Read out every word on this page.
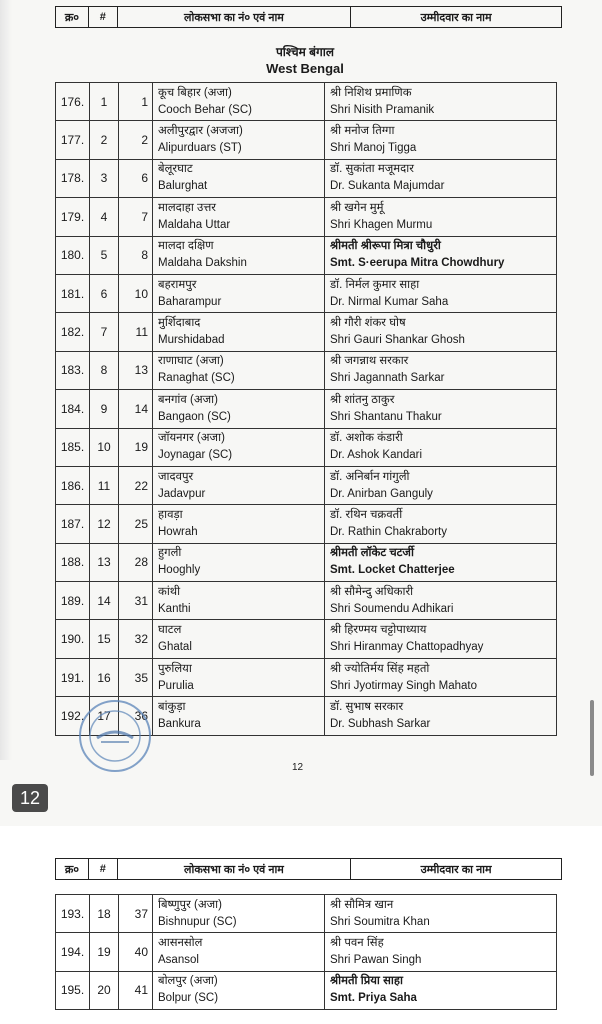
क्र०	#	लोकसभा का नं० एवं नाम	उम्मीदवार का नाम
पश्चिम बंगाल
West Bengal
176.	1	1	कूच बिहार (अजा)
Cooch Behar (SC)	श्री निशिथ प्रमाणिक
Shri Nisith Pramanik

177.	2	2	अलीपुरद्वार (अजजा)
Alipurduars (ST)	श्री मनोज तिग्गा
Shri Manoj Tigga

178.	3	6	बेलूरघाट
Balurghat	डॉ. सुकांता मजूमदार
Dr. Sukanta Majumdar

179.	4	7	मालदाहा उत्तर
Maldaha Uttar	श्री खगेन मुर्मू
Shri Khagen Murmu

180.	5	8	मालदा दक्षिण
Maldaha Dakshin	श्रीमती श्रीरूपा मित्रा चौधुरी
Smt. S·eerupa Mitra Chowdhury

181.	6	10	बहरामपुर
Baharampur	डॉ. निर्मल कुमार साहा
Dr. Nirmal Kumar Saha

182.	7	11	मुर्शिदाबाद
Murshidabad	श्री गौरी शंकर घोष
Shri Gauri Shankar Ghosh

183.	8	13	राणाघाट (अजा)
Ranaghat (SC)	श्री जगन्नाथ सरकार
Shri Jagannath Sarkar

184.	9	14	बनगांव (अजा)
Bangaon (SC)	श्री शांतनु ठाकुर
Shri Shantanu Thakur

185.	10	19	जॉयनगर (अजा)
Joynagar (SC)	डॉ. अशोक कंडारी
Dr. Ashok Kandari

186.	11	22	जादवपुर
Jadavpur	डॉ. अनिर्बान गांगुली
Dr. Anirban Ganguly

187.	12	25	हावड़ा
Howrah	डॉ. रथिन चक्रवर्ती
Dr. Rathin Chakraborty

188.	13	28	हुगली
Hooghly	श्रीमती लॉकेट चटर्जी
Smt. Locket Chatterjee

189.	14	31	कांथी
Kanthi	श्री सौमेन्दु अधिकारी
Shri Soumendu Adhikari

190.	15	32	घाटल
Ghatal	श्री हिरण्मय चट्टोपाध्याय
Shri Hiranmay Chattopadhyay

191.	16	35	पुरुलिया
Purulia	श्री ज्योतिर्मय सिंह महतो
Shri Jyotirmay Singh Mahato

192.	17	36	बांकुड़ा
Bankura	डॉ. सुभाष सरकार
Dr. Subhash Sarkar
12
12
क्र०	#	लोकसभा का नं० एवं नाम	उम्मीदवार का नाम
193.	18	37	बिष्णुपुर (अजा)
Bishnupur (SC)	श्री सौमित्र खान
Shri Soumitra Khan

194.	19	40	आसनसोल
Asansol	श्री पवन सिंह
Shri Pawan Singh

195.	20	41	बोलपुर (अजा)
Bolpur (SC)	श्रीमती प्रिया साहा
Smt. Priya Saha
